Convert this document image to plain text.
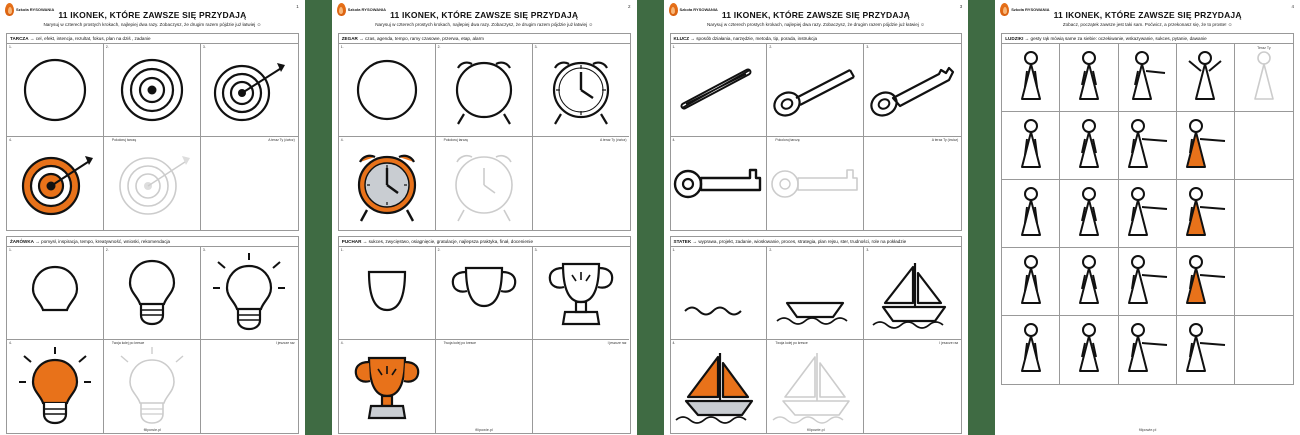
Szkoła RYSOWANIA	1
11 IKONEK, KTÓRE ZAWSZE SIĘ PRZYDAJĄ
Narysuj w czterech prostych krokach, najlepiej dwa razy. Zobaczysz, że drugim razem pójdzie już łatwiej ☺
TARCZA → cel, efekt, intencja, rezultat, fokus, plan na dziś , zadanie
1.	2.	3.
4.	Pokoloruj tarczę	A teraz Ty (ćwicz)
ŻARÓWKA → pomysł, inspiracja, tempo, kreatywność, wnioski, rekomendacja
1.	2.	3.
4.	Twoja kolej po kresce	I jeszcze raz
filipowie.pl
Szkoła RYSOWANIA	2
11 IKONEK, KTÓRE ZAWSZE SIĘ PRZYDAJĄ
Narysuj w czterech prostych krokach, najlepiej dwa razy. Zobaczysz, że drugim razem pójdzie już łatwiej ☺
ZEGAR → czas, agenda, tempo, ramy czasowe, przerwa, etap, alarm
1.	2.	3.
4.	Pokoloruj tarczę	A teraz Ty (ćwicz)
PUCHAR → sukces, zwycięstwo, osiągnięcie, gratulacje, najlepsza praktyka, finał, docenienie
1.	2.	3.
4.	Twoja kolej po kresce	I jeszcze raz
filipowie.pl
Szkoła RYSOWANIA	3
11 IKONEK, KTÓRE ZAWSZE SIĘ PRZYDAJĄ
Narysuj w czterech prostych krokach, najlepiej dwa razy. Zobaczysz, że drugim razem pójdzie już łatwiej ☺
KLUCZ → sposób działania, narzędzie, metoda, tip, porada, instrukcja
1.	2.	3.
4.	Pokoloruj tarczę	A teraz Ty (ćwicz)
STATEK → wyprawa, projekt, zadanie, wiosłowanie, proces, strategia, plan rejsu, ster, trudności, role na pokładzie
1.	2.	3.
4.	Twoja kolej po kresce	I jeszcze raz
filipowie.pl
Szkoła RYSOWANIA	4
11 IKONEK, KTÓRE ZAWSZE SIĘ PRZYDAJĄ
Zobacz, początek zawsze jest taki sam. Poćwicz, a przekonasz się, że to proste! ☺
LUDZIKI → gesty rąk mówią same za siebie: oczekiwanie, wskazywanie, sukces, pytanie, dawanie
Teraz Ty
filipowie.pl
